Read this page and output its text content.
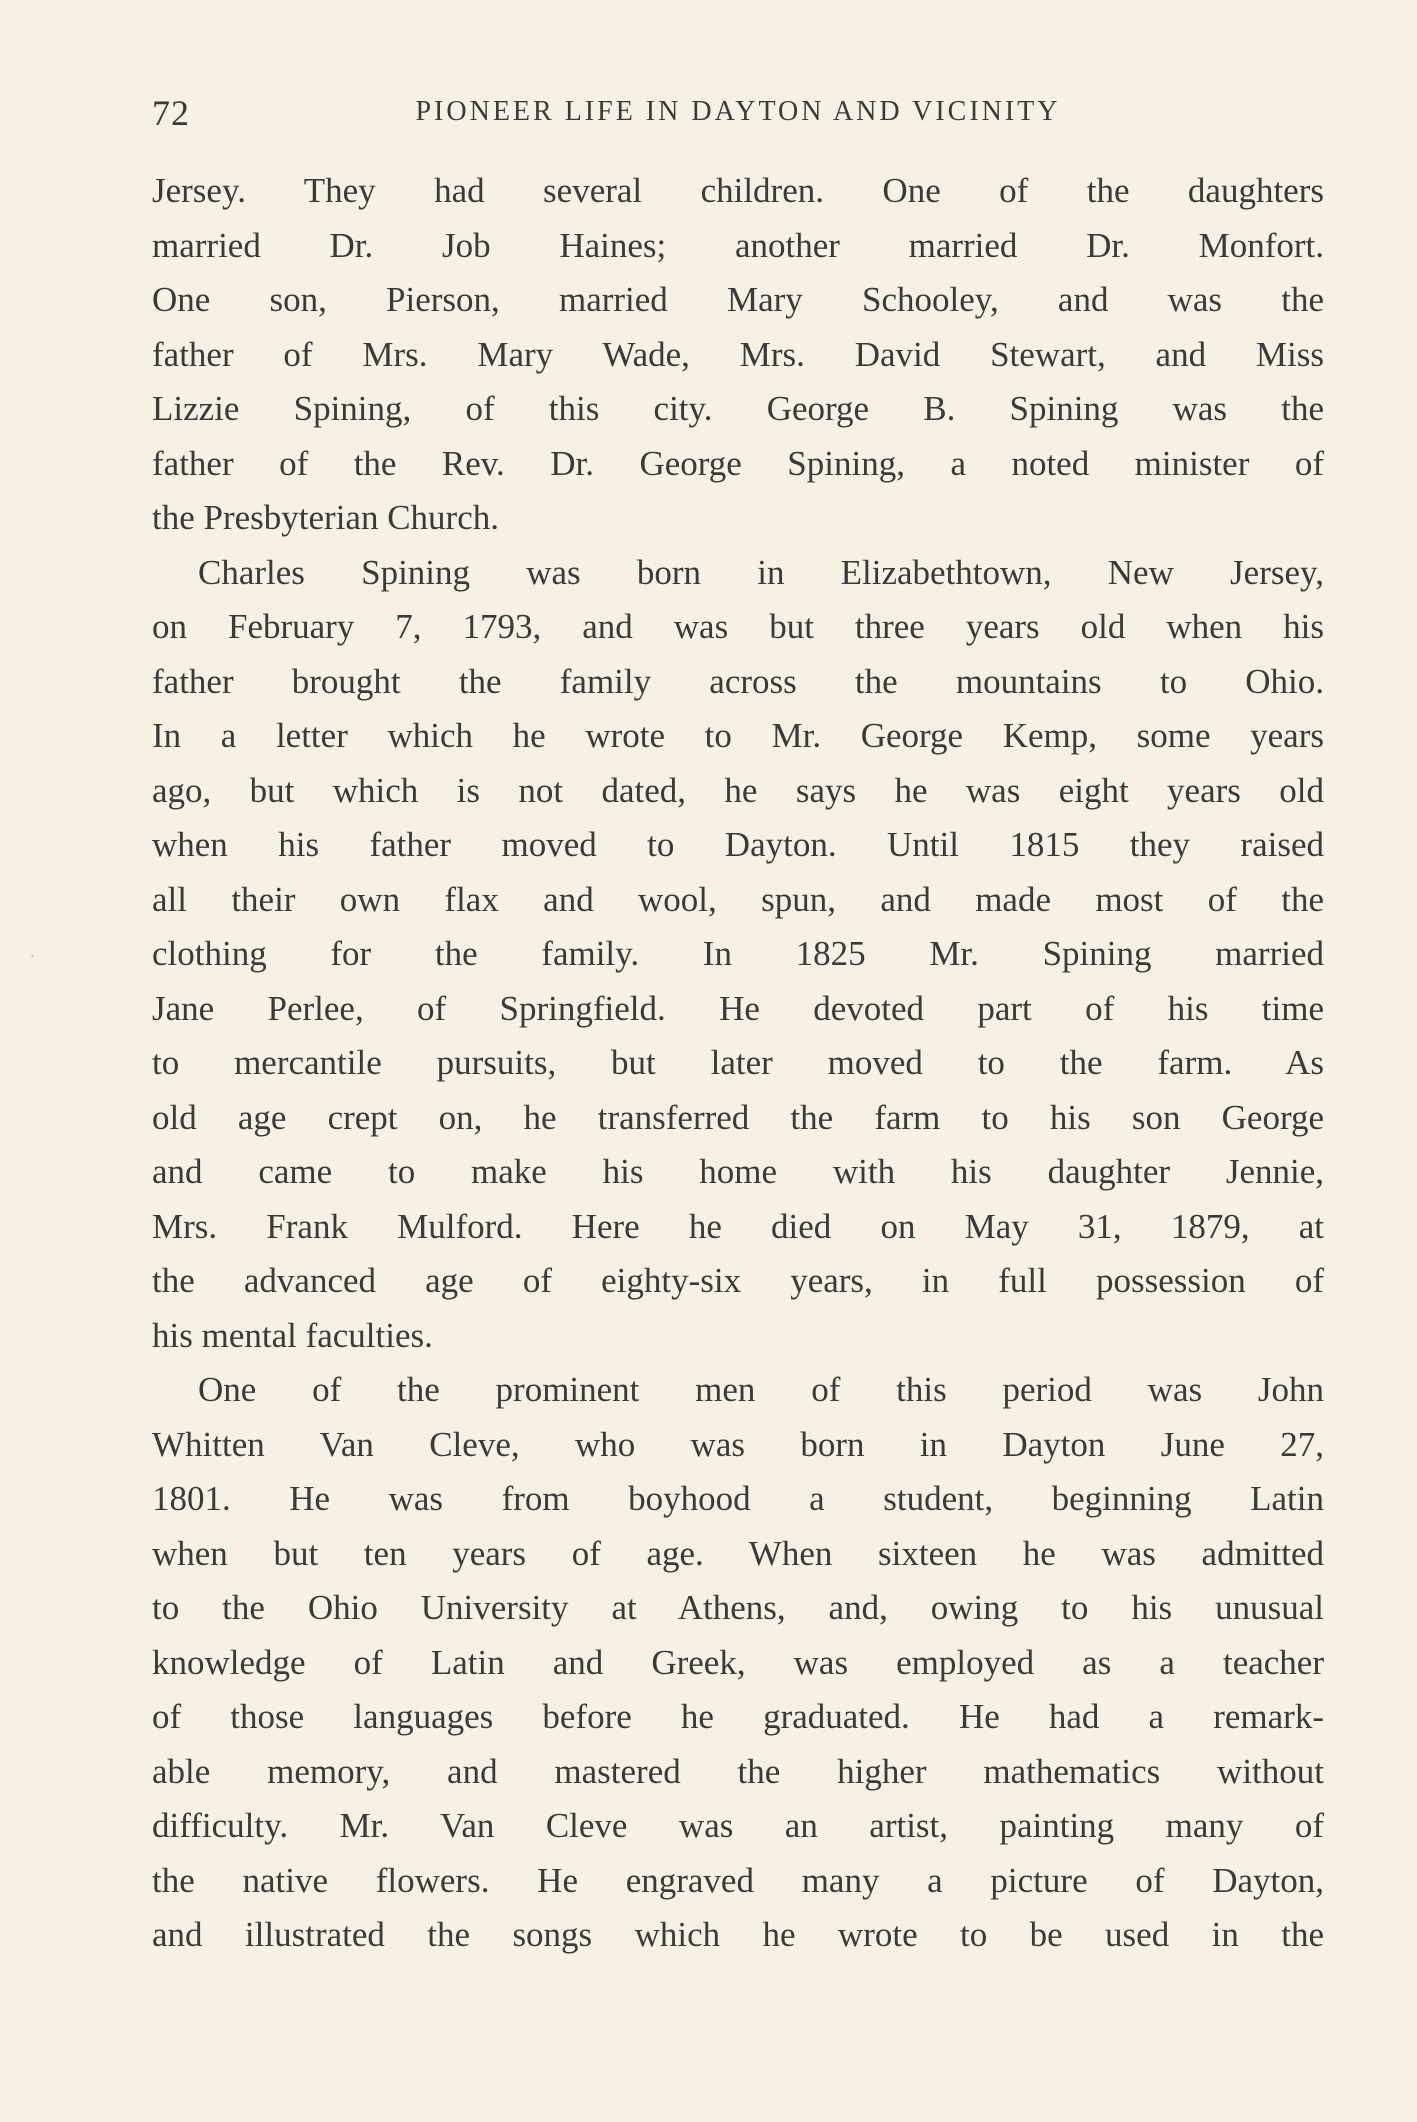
72	PIONEER LIFE IN DAYTON AND VICINITY
Jersey. They had several children. One of the daughters
married Dr. Job Haines; another married Dr. Monfort.
One son, Pierson, married Mary Schooley, and was the
father of Mrs. Mary Wade, Mrs. David Stewart, and Miss
Lizzie Spining, of this city. George B. Spining was the
father of the Rev. Dr. George Spining, a noted minister of
the Presbyterian Church.
Charles Spining was born in Elizabethtown, New Jersey,
on February 7, 1793, and was but three years old when his
father brought the family across the mountains to Ohio.
In a letter which he wrote to Mr. George Kemp, some years
ago, but which is not dated, he says he was eight years old
when his father moved to Dayton. Until 1815 they raised
all their own flax and wool, spun, and made most of the
clothing for the family. In 1825 Mr. Spining married
Jane Perlee, of Springfield. He devoted part of his time
to mercantile pursuits, but later moved to the farm. As
old age crept on, he transferred the farm to his son George
and came to make his home with his daughter Jennie,
Mrs. Frank Mulford. Here he died on May 31, 1879, at
the advanced age of eighty-six years, in full possession of
his mental faculties.
One of the prominent men of this period was John
Whitten Van Cleve, who was born in Dayton June 27,
1801. He was from boyhood a student, beginning Latin
when but ten years of age. When sixteen he was admitted
to the Ohio University at Athens, and, owing to his unusual
knowledge of Latin and Greek, was employed as a teacher
of those languages before he graduated. He had a remark-
able memory, and mastered the higher mathematics without
difficulty. Mr. Van Cleve was an artist, painting many of
the native flowers. He engraved many a picture of Dayton,
and illustrated the songs which he wrote to be used in the
·
